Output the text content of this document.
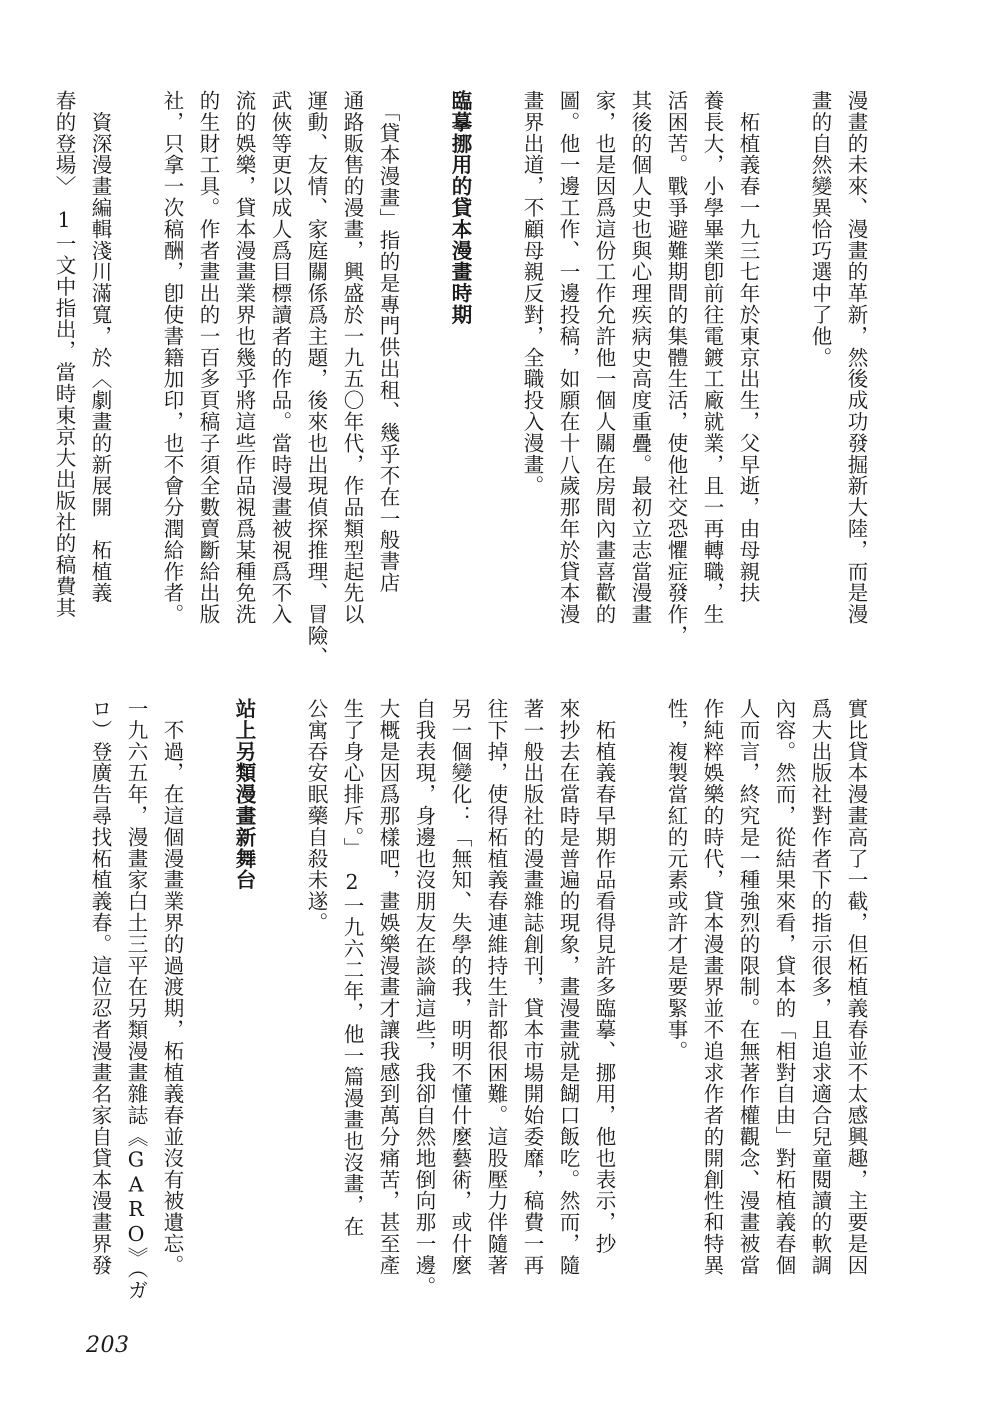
漫畫的未來、漫畫的革新，然後成功發掘新大陸，而是漫
畫的自然變異恰巧選中了他。

　柘植義春一九三七年於東京出生，父早逝，由母親扶
養長大，小學畢業卽前往電鍍工廠就業，且一再轉職，生
活困苦。戰爭避難期間的集體生活，使他社交恐懼症發作，
其後的個人史也與心理疾病史高度重疊。最初立志當漫畫
家，也是因爲這份工作允許他一個人關在房間內畫喜歡的
圖。他一邊工作、一邊投稿，如願在十八歲那年於貸本漫
畫界出道，不顧母親反對，全職投入漫畫。

臨摹挪用的貸本漫畫時期

　「貸本漫畫」指的是專門供出租、幾乎不在一般書店
通路販售的漫畫，興盛於一九五〇年代，作品類型起先以
運動、友情、家庭關係爲主題，後來也出現偵探推理、冒險、
武俠等更以成人爲目標讀者的作品。當時漫畫被視爲不入
流的娛樂，貸本漫畫業界也幾乎將這些作品視爲某種免洗
的生財工具。作者畫出的一百多頁稿子須全數賣斷給出版
社，只拿一次稿酬，卽使書籍加印，也不會分潤給作者。

　資深漫畫編輯淺川滿寬，於〈劇畫的新展開　柘植義
春的登場〉　1一文中指出，當時東京大出版社的稿費其
實比貸本漫畫高了一截，但柘植義春並不太感興趣，主要是因
爲大出版社對作者下的指示很多，且追求適合兒童閱讀的軟調
內容。然而，從結果來看，貸本的「相對自由」對柘植義春個
人而言，終究是一種強烈的限制。在無著作權觀念、漫畫被當
作純粹娛樂的時代，貸本漫畫界並不追求作者的開創性和特異
性，複製當紅的元素或許才是要緊事。

　柘植義春早期作品看得見許多臨摹、挪用，他也表示，抄
來抄去在當時是普遍的現象，畫漫畫就是餬口飯吃。然而，隨
著一般出版社的漫畫雜誌創刊，貸本市場開始委靡，稿費一再
往下掉，使得柘植義春連維持生計都很困難。這股壓力伴隨著
另一個變化：「無知、失學的我，明明不懂什麼藝術，或什麼
自我表現，身邊也沒朋友在談論這些，我卻自然地倒向那一邊。
大概是因爲那樣吧，畫娛樂漫畫才讓我感到萬分痛苦，甚至產
生了身心排斥。」　2一九六二年，他一篇漫畫也沒畫，在
公寓吞安眠藥自殺未遂。

站上另類漫畫新舞台

　不過，在這個漫畫業界的過渡期，柘植義春並沒有被遺忘。
一九六五年，漫畫家白土三平在另類漫畫雜誌《GARO》（ガ
ロ）登廣告尋找柘植義春。這位忍者漫畫名家自貸本漫畫界發
203
